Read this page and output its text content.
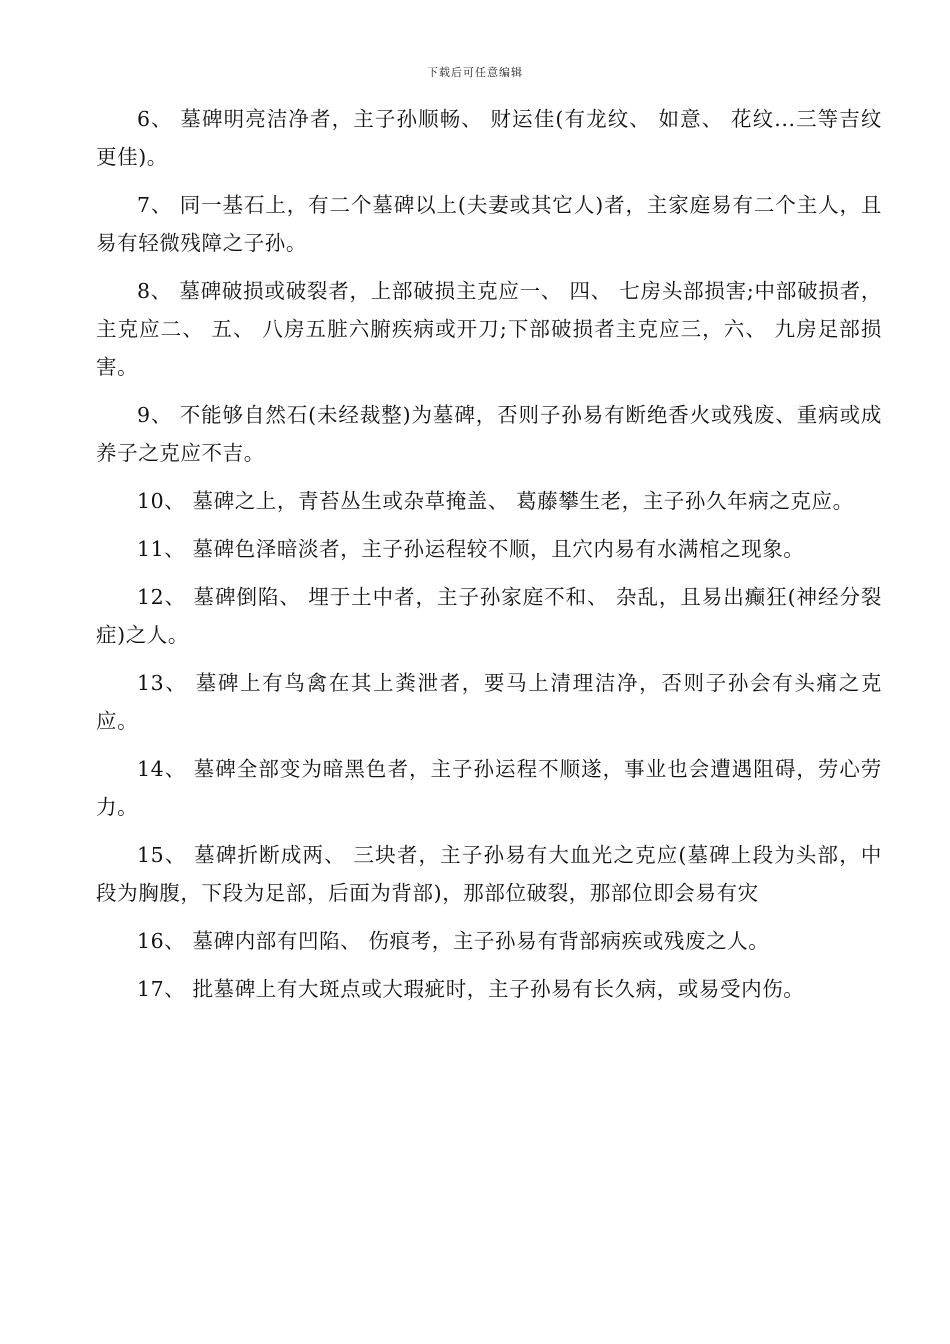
下载后可任意编辑

6、 墓碑明亮洁净者，主子孙顺畅、 财运佳(有龙纹、 如意、 花纹...三等吉纹更佳)。

7、 同一基石上，有二个墓碑以上(夫妻或其它人)者，主家庭易有二个主人，且易有轻微残障之子孙。

8、 墓碑破损或破裂者，上部破损主克应一、 四、 七房头部损害;中部破损者，主克应二、 五、 八房五脏六腑疾病或开刀;下部破损者主克应三，六、 九房足部损害。

9、 不能够自然石(未经裁整)为墓碑，否则子孙易有断绝香火或残废、重病或成养子之克应不吉。

10、 墓碑之上，青苔丛生或杂草掩盖、 葛藤攀生老，主子孙久年病之克应。

11、 墓碑色泽暗淡者，主子孙运程较不顺，且穴内易有水满棺之现象。

12、 墓碑倒陷、 埋于土中者，主子孙家庭不和、 杂乱，且易出癫狂(神经分裂症)之人。

13、 墓碑上有鸟禽在其上粪泄者，要马上清理洁净，否则子孙会有头痛之克应。

14、 墓碑全部变为暗黑色者，主子孙运程不顺遂，事业也会遭遇阻碍，劳心劳力。

15、 墓碑折断成两、 三块者，主子孙易有大血光之克应(墓碑上段为头部，中段为胸腹，下段为足部，后面为背部)，那部位破裂，那部位即会易有灾

16、 墓碑内部有凹陷、 伤痕考，主子孙易有背部病疾或残废之人。

17、 批墓碑上有大斑点或大瑕疵时，主子孙易有长久病，或易受内伤。
